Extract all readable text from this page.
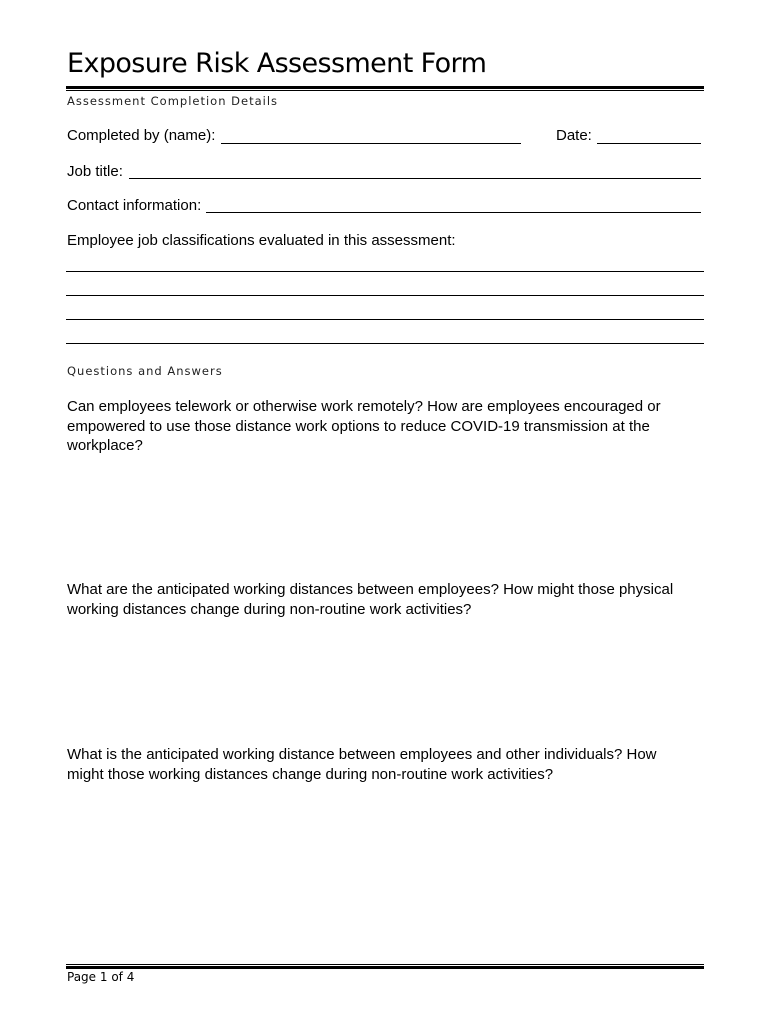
Exposure Risk Assessment Form
Assessment Completion Details
Completed by (name):	Date:
Job title:
Contact information:
Employee job classifications evaluated in this assessment:
Questions and Answers
Can employees telework or otherwise work remotely? How are employees encouraged or empowered to use those distance work options to reduce COVID-19 transmission at the workplace?
What are the anticipated working distances between employees? How might those physical working distances change during non-routine work activities?
What is the anticipated working distance between employees and other individuals? How might those working distances change during non-routine work activities?
Page 1 of 4
